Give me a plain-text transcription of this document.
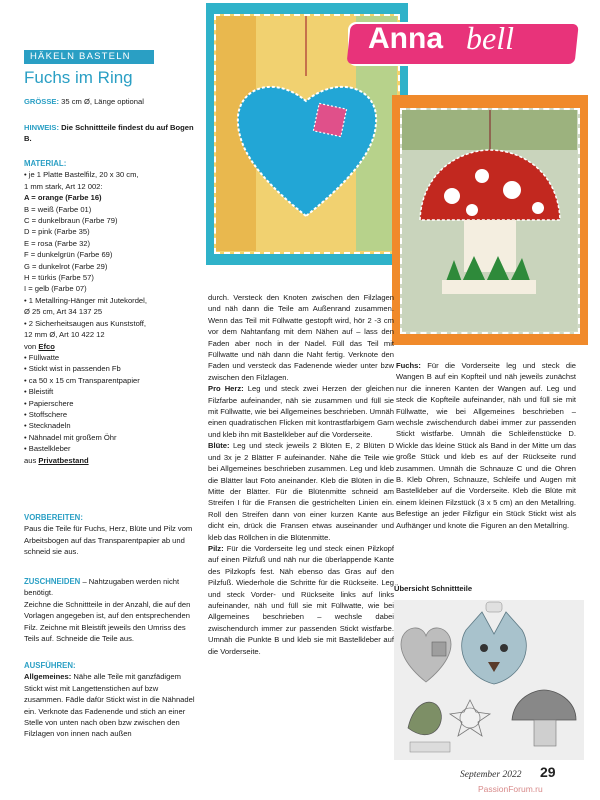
HÄKELN BASTELN
Fuchs im Ring
GRÖSSE: 35 cm Ø, Länge optional
HINWEIS: Die Schnittteile findest du auf Bogen B.
MATERIAL:
• je 1 Platte Bastelfilz, 20 x 30 cm,
1 mm stark, Art 12 002:
A = orange (Farbe 16)
B = weiß (Farbe 01)
C = dunkelbraun (Farbe 79)
D = pink (Farbe 35)
E = rosa (Farbe 32)
F = dunkelgrün (Farbe 69)
G = dunkelrot (Farbe 29)
H = türkis (Farbe 57)
I = gelb (Farbe 07)
• 1 Metallring-Hänger mit Jutekordel,
Ø 25 cm, Art 34 137 25
• 2 Sicherheitsaugen aus Kunststoff,
12 mm Ø, Art 10 422 12
von Efco
• Füllwatte
• Stickt wist in passenden Fb
• ca 50 x 15 cm Transparentpapier
• Bleistift
• Papierschere
• Stoffschere
• Stecknadeln
• Nähnadel mit großem Öhr
• Bastelkleber
aus Privatbestand
VORBEREITEN:

Paus die Teile für Fuchs, Herz, Blüte und Pilz vom Arbeitsbogen auf das Transparentpapier ab und schneid sie aus.

ZUSCHNEIDEN – Nahtzugaben werden nicht benötigt.

Zeichne die Schnittteile in der Anzahl, die auf den Vorlagen angegeben ist, auf den entsprechenden Filz. Zeichne mit Bleistift jeweils den Umriss des Teils auf. Schneide die Teile aus.

AUSFÜHREN:

Allgemeines: Nähe alle Teile mit ganzfädigem Stickt wist mit Langettenstichen auf bzw zusammen. Fädle dafür Stickt wist in die Nähnadel ein. Verknote das Fadenende und stich an einer Stelle von unten nach oben bzw zwischen den Filzlagen von innen nach außen

Anna bell

durch. Versteck den Knoten zwischen den Filzlagen und näh dann die Teile am Außenrand zusammen. Wenn das Teil mit Füllwatte gestopft wird, hör 2 -3 cm vor dem Nahtanfang mit dem Nähen auf – lass den Faden aber noch in der Nadel. Füll das Teil mit Füllwatte und näh dann die Naht fertig. Verknote den Faden und versteck das Fadenende wieder unter bzw zwischen den Filzlagen.

Pro Herz: Leg und steck zwei Herzen der gleichen Filzfarbe aufeinander, näh sie zusammen und füll sie mit Füllwatte, wie bei Allgemeines beschrieben. Umnäh einen quadratischen Flicken mit kontrastfarbigem Garn und kleb ihn mit Bastelkleber auf die Vorderseite.

Blüte: Leg und steck jeweils 2 Blüten E, 2 Blüten D und 3x je 2 Blätter F aufeinander. Nähe die Teile wie bei Allgemeines beschrieben zusammen. Leg und kleb die Blätter laut Foto aneinander. Kleb die Blüten in die Mitte der Blätter. Für die Blütenmitte schneid am Streifen I für die Fransen die gestrichelten Linien ein. Roll den Streifen dann von einer kurzen Kante aus dicht ein, drück die Fransen etwas auseinander und kleb das Röllchen in die Blütenmitte.

Pilz: Für die Vorderseite leg und steck einen Pilzkopf auf einen Pilzfuß und näh nur die überlappende Kante des Pilzkopfs fest. Näh ebenso das Gras auf den Pilzfuß. Wiederhole die Schritte für die Rückseite. Leg und steck Vorder- und Rückseite links auf links aufeinander, näh und füll sie mit Füllwatte, wie bei Allgemeines beschrieben – wechsle dabei zwischendurch immer zur passenden Stickt wistfarbe. Umnäh die Punkte B und kleb sie mit Bastelkleber auf die Vorderseite.

Fuchs: Für die Vorderseite leg und steck die Wangen B auf ein Kopfteil und näh jeweils zunächst nur die inneren Kanten der Wangen auf. Leg und steck die Kopfteile aufeinander, näh und füll sie mit Füllwatte, wie bei Allgemeines beschrieben – wechsle zwischendurch dabei immer zur passenden Stickt wistfarbe. Umnäh die Schleifenstücke D. Wickle das kleine Stück als Band in der Mitte um das große Stück und kleb es auf der Rückseite rund zusammen. Umnäh die Schnauze C und die Ohren B. Kleb Ohren, Schnauze, Schleife und Augen mit Bastelkleber auf die Vorderseite. Kleb die Blüte mit einem kleinen Filzstück (3 x 5 cm) an den Metallring. Befestige an jeder Filzfigur ein Stück Stickt wist als Aufhänger und knote die Figuren an den Metallring.

Übersicht Schnittteile
September 2022 29
PassionForum.ru
